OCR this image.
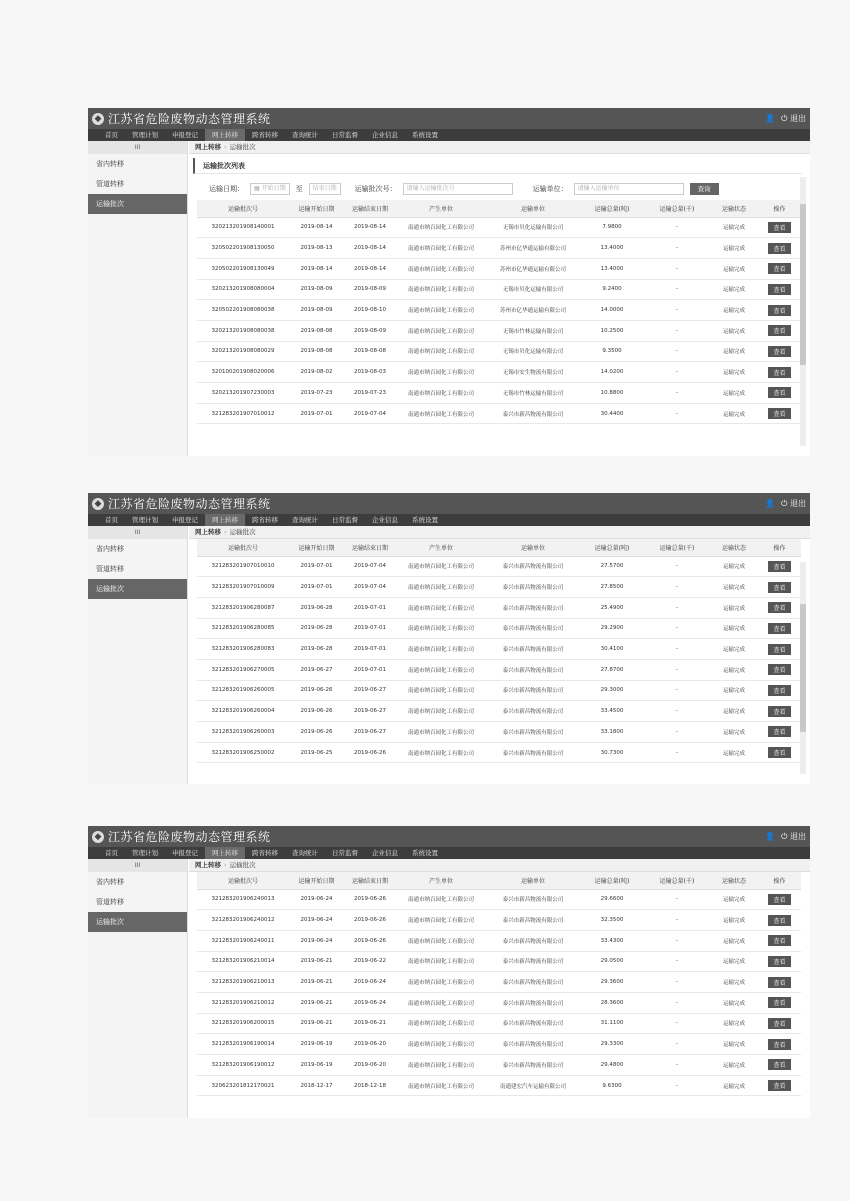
◆ 江苏省危险废物动态管理系统	👤 ⏻ 退出
首页	管理计划	申报登记	网上转移	跨省转移	查询统计	日常监督	企业信息	系统设置
III
省内转移
管道转移
运输批次
网上转移 › 运输批次
运输批次列表
运输日期：	▦ 开始日期	至	结束日期	运输批次号：	请输入运输批次号	运输单位：	请输入运输单位	查询
运输批次号	运输开始日期	运输结束日期	产生单位	运输单位	运输总量(吨)	运输总量(千)	运输状态	操作
320213201908140001	2019-08-14	2019-08-14	南通市纳百园化工有限公司	无锡市贝化运输有限公司	7.9800	-	运输完成	查看
320502201908130050	2019-08-13	2019-08-14	南通市纳百园化工有限公司	苏州市亿华通运输有限公司	13.4000	-	运输完成	查看
320502201908130049	2019-08-14	2019-08-14	南通市纳百园化工有限公司	苏州市亿华通运输有限公司	13.4000	-	运输完成	查看
320213201908080004	2019-08-09	2019-08-09	南通市纳百园化工有限公司	无锡市贝化运输有限公司	9.2400	-	运输完成	查看
320502201908080038	2019-08-09	2019-08-10	南通市纳百园化工有限公司	苏州市亿华通运输有限公司	14.0000	-	运输完成	查看
320213201908080038	2019-08-08	2019-08-09	南通市纳百园化工有限公司	无锡市竹林运输有限公司	10.2500	-	运输完成	查看
320213201908080029	2019-08-08	2019-08-08	南通市纳百园化工有限公司	无锡市贝化运输有限公司	9.3500	-	运输完成	查看
320100201908020006	2019-08-02	2019-08-03	南通市纳百园化工有限公司	无锡市安生物流有限公司	14.0200	-	运输完成	查看
320213201907230003	2019-07-23	2019-07-23	南通市纳百园化工有限公司	无锡市竹林运输有限公司	10.8800	-	运输完成	查看
321283201907010012	2019-07-01	2019-07-04	南通市纳百园化工有限公司	泰兴市新昌物流有限公司	30.4400	-	运输完成	查看
◆ 江苏省危险废物动态管理系统	👤 ⏻ 退出
首页	管理计划	申报登记	网上转移	跨省转移	查询统计	日常监督	企业信息	系统设置
III
省内转移
管道转移
运输批次
网上转移 › 运输批次
运输批次号	运输开始日期	运输结束日期	产生单位	运输单位	运输总量(吨)	运输总量(千)	运输状态	操作
321283201907010010	2019-07-01	2019-07-04	南通市纳百园化工有限公司	泰兴市新昌物流有限公司	27.5700	-	运输完成	查看
321283201907010009	2019-07-01	2019-07-04	南通市纳百园化工有限公司	泰兴市新昌物流有限公司	27.8500	-	运输完成	查看
321283201906280087	2019-06-28	2019-07-01	南通市纳百园化工有限公司	泰兴市新昌物流有限公司	25.4900	-	运输完成	查看
321283201906280085	2019-06-28	2019-07-01	南通市纳百园化工有限公司	泰兴市新昌物流有限公司	29.2900	-	运输完成	查看
321283201906280083	2019-06-28	2019-07-01	南通市纳百园化工有限公司	泰兴市新昌物流有限公司	30.4100	-	运输完成	查看
321283201906270005	2019-06-27	2019-07-01	南通市纳百园化工有限公司	泰兴市新昌物流有限公司	27.8700	-	运输完成	查看
321283201906260005	2019-06-26	2019-06-27	南通市纳百园化工有限公司	泰兴市新昌物流有限公司	29.3000	-	运输完成	查看
321283201906260004	2019-06-26	2019-06-27	南通市纳百园化工有限公司	泰兴市新昌物流有限公司	33.4500	-	运输完成	查看
321283201906260003	2019-06-26	2019-06-27	南通市纳百园化工有限公司	泰兴市新昌物流有限公司	33.1800	-	运输完成	查看
321283201906250002	2019-06-25	2019-06-26	南通市纳百园化工有限公司	泰兴市新昌物流有限公司	30.7300	-	运输完成	查看
◆ 江苏省危险废物动态管理系统	👤 ⏻ 退出
首页	管理计划	申报登记	网上转移	跨省转移	查询统计	日常监督	企业信息	系统设置
III
省内转移
管道转移
运输批次
网上转移 › 运输批次
运输批次号	运输开始日期	运输结束日期	产生单位	运输单位	运输总量(吨)	运输总量(千)	运输状态	操作
321283201906240013	2019-06-24	2019-06-26	南通市纳百园化工有限公司	泰兴市新昌物流有限公司	29.6600	-	运输完成	查看
321283201906240012	2019-06-24	2019-06-26	南通市纳百园化工有限公司	泰兴市新昌物流有限公司	32.3500	-	运输完成	查看
321283201906240011	2019-06-24	2019-06-26	南通市纳百园化工有限公司	泰兴市新昌物流有限公司	33.4300	-	运输完成	查看
321283201906210014	2019-06-21	2019-06-22	南通市纳百园化工有限公司	泰兴市新昌物流有限公司	29.0500	-	运输完成	查看
321283201906210013	2019-06-21	2019-06-24	南通市纳百园化工有限公司	泰兴市新昌物流有限公司	29.3600	-	运输完成	查看
321283201906210012	2019-06-21	2019-06-24	南通市纳百园化工有限公司	泰兴市新昌物流有限公司	28.3600	-	运输完成	查看
321283201906200015	2019-06-21	2019-06-21	南通市纳百园化工有限公司	泰兴市新昌物流有限公司	31.1100	-	运输完成	查看
321283201906190014	2019-06-19	2019-06-20	南通市纳百园化工有限公司	泰兴市新昌物流有限公司	29.3300	-	运输完成	查看
321283201906190012	2019-06-19	2019-06-20	南通市纳百园化工有限公司	泰兴市新昌物流有限公司	29.4800	-	运输完成	查看
320623201812170021	2018-12-17	2018-12-18	南通市纳百园化工有限公司	南通建宏汽车运输有限公司	9.6300	-	运输完成	查看
